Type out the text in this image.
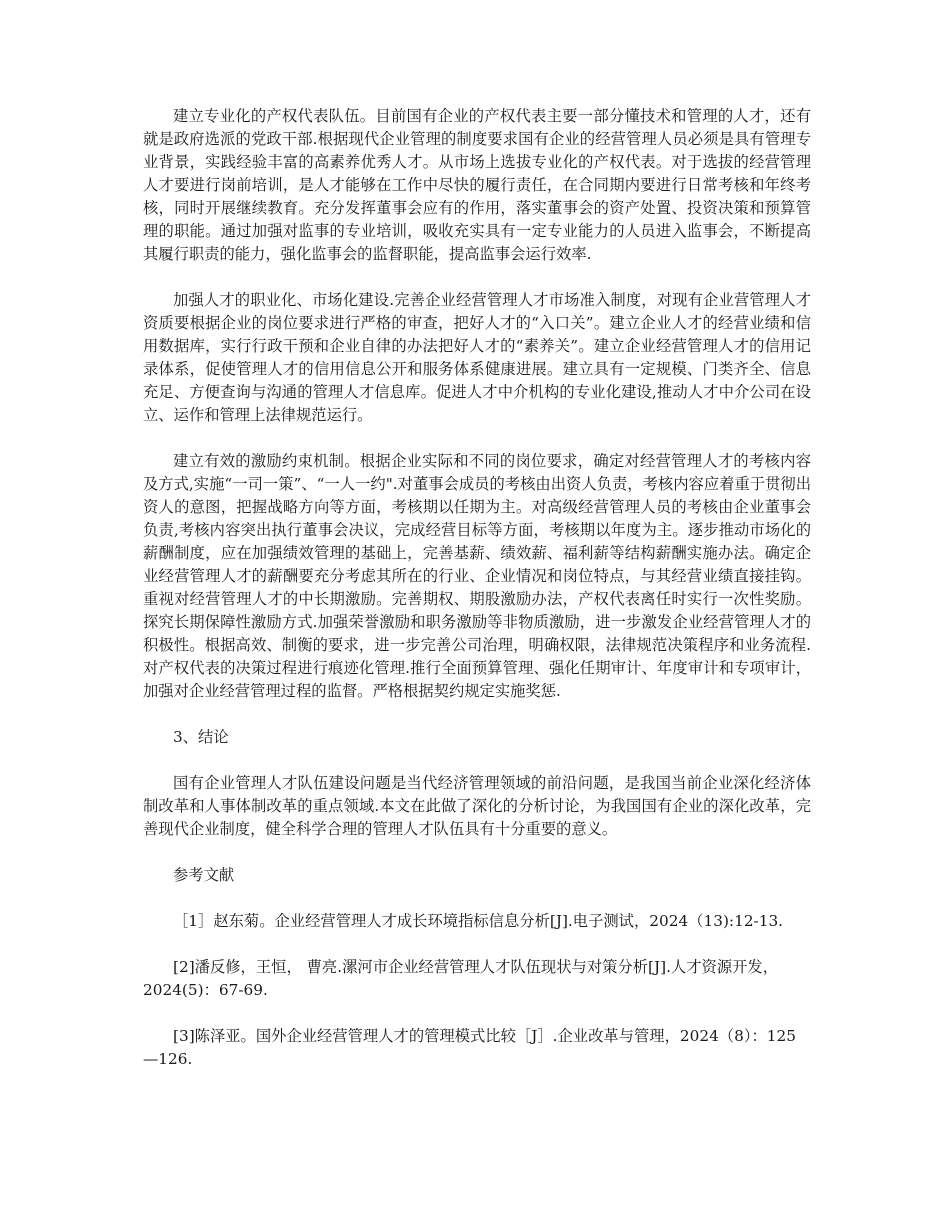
建立专业化的产权代表队伍。目前国有企业的产权代表主要一部分懂技术和管理的人才，还有就是政府选派的党政干部.根据现代企业管理的制度要求国有企业的经营管理人员必须是具有管理专业背景，实践经验丰富的高素养优秀人才。从市场上选拔专业化的产权代表。对于选拔的经营管理人才要进行岗前培训，是人才能够在工作中尽快的履行责任，在合同期内要进行日常考核和年终考核，同时开展继续教育。充分发挥董事会应有的作用，落实董事会的资产处置、投资决策和预算管理的职能。通过加强对监事的专业培训，吸收充实具有一定专业能力的人员进入监事会，不断提高其履行职责的能力，强化监事会的监督职能，提高监事会运行效率.

加强人才的职业化、市场化建设.完善企业经营管理人才市场准入制度，对现有企业营管理人才资质要根据企业的岗位要求进行严格的审查，把好人才的“入口关”。建立企业人才的经营业绩和信用数据库，实行行政干预和企业自律的办法把好人才的“素养关”。建立企业经营管理人才的信用记录体系，促使管理人才的信用信息公开和服务体系健康进展。建立具有一定规模、门类齐全、信息充足、方便查询与沟通的管理人才信息库。促进人才中介机构的专业化建设,推动人才中介公司在设立、运作和管理上法律规范运行。

建立有效的激励约束机制。根据企业实际和不同的岗位要求，确定对经营管理人才的考核内容及方式,实施“一司一策”、“一人一约".对董事会成员的考核由出资人负责，考核内容应着重于贯彻出资人的意图，把握战略方向等方面，考核期以任期为主。对高级经营管理人员的考核由企业董事会负责,考核内容突出执行董事会决议，完成经营目标等方面，考核期以年度为主。逐步推动市场化的薪酬制度，应在加强绩效管理的基础上，完善基薪、绩效薪、福利薪等结构薪酬实施办法。确定企业经营管理人才的薪酬要充分考虑其所在的行业、企业情况和岗位特点，与其经营业绩直接挂钩。重视对经营管理人才的中长期激励。完善期权、期股激励办法，产权代表离任时实行一次性奖励。探究长期保障性激励方式.加强荣誉激励和职务激励等非物质激励，进一步激发企业经营管理人才的积极性。根据高效、制衡的要求，进一步完善公司治理，明确权限，法律规范决策程序和业务流程.对产权代表的决策过程进行痕迹化管理.推行全面预算管理、强化任期审计、年度审计和专项审计，加强对企业经营管理过程的监督。严格根据契约规定实施奖惩.

3、结论

国有企业管理人才队伍建设问题是当代经济管理领域的前沿问题，是我国当前企业深化经济体制改革和人事体制改革的重点领域.本文在此做了深化的分析讨论，为我国国有企业的深化改革，完善现代企业制度，健全科学合理的管理人才队伍具有十分重要的意义。

参考文献

［1］赵东菊。企业经营管理人才成长环境指标信息分析[J].电子测试，2024（13):12-13.

[2]潘反修，王恒， 曹亮.漯河市企业经营管理人才队伍现状与对策分析[J].人才资源开发，2024(5)：67-69.

[3]陈泽亚。国外企业经营管理人才的管理模式比较［J］.企业改革与管理，2024（8）：125—126.
